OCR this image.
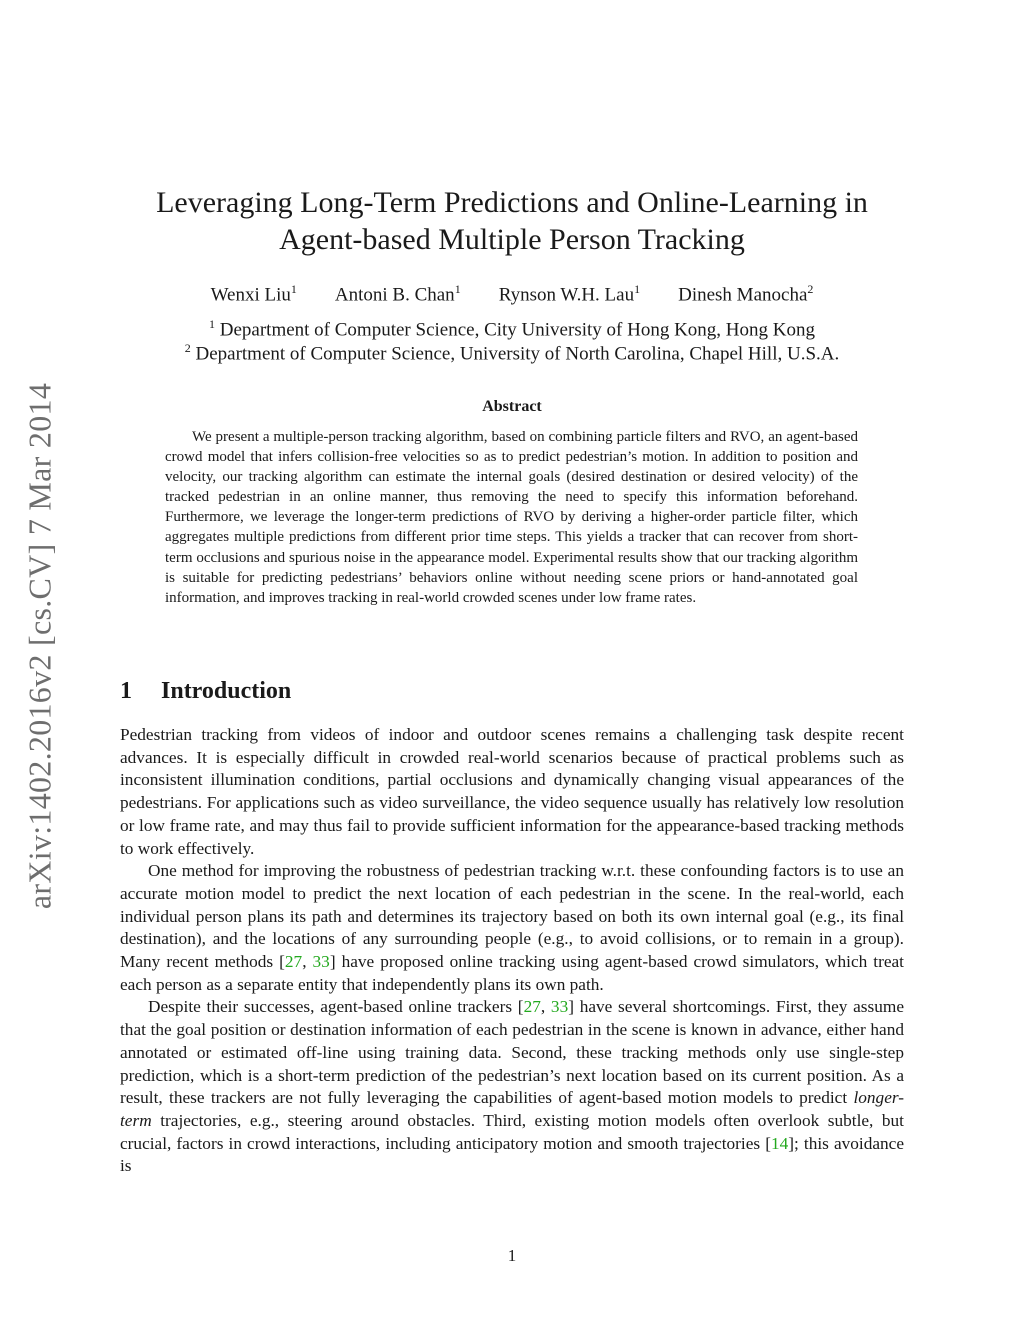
arXiv:1402.2016v2 [cs.CV] 7 Mar 2014
Leveraging Long-Term Predictions and Online-Learning in Agent-based Multiple Person Tracking
Wenxi Liu$^1$ Antoni B. Chan$^1$ Rynson W.H. Lau$^1$ Dinesh Manocha$^2$
$^1$ Department of Computer Science, City University of Hong Kong, Hong Kong
$^2$ Department of Computer Science, University of North Carolina, Chapel Hill, U.S.A.
Abstract

We present a multiple-person tracking algorithm, based on combining particle filters and RVO, an agent-based crowd model that infers collision-free velocities so as to predict pedestrian’s motion. In addition to position and velocity, our tracking algorithm can estimate the internal goals (desired destination or desired velocity) of the tracked pedestrian in an online manner, thus removing the need to specify this information beforehand. Furthermore, we leverage the longer-term predictions of RVO by deriving a higher-order particle filter, which aggregates multiple predictions from different prior time steps. This yields a tracker that can recover from short-term occlusions and spurious noise in the appearance model. Experimental results show that our tracking algorithm is suitable for predicting pedestrians’ behaviors online without needing scene priors or hand-annotated goal information, and improves tracking in real-world crowded scenes under low frame rates.

1 Introduction

Pedestrian tracking from videos of indoor and outdoor scenes remains a challenging task despite recent advances. It is especially difficult in crowded real-world scenarios because of practical problems such as inconsistent illumination conditions, partial occlusions and dynamically changing visual appearances of the pedestrians. For applications such as video surveillance, the video sequence usually has relatively low resolution or low frame rate, and may thus fail to provide sufficient information for the appearance-based tracking methods to work effectively.

One method for improving the robustness of pedestrian tracking w.r.t. these confounding factors is to use an accurate motion model to predict the next location of each pedestrian in the scene. In the real-world, each individual person plans its path and determines its trajectory based on both its own internal goal (e.g., its final destination), and the locations of any surrounding people (e.g., to avoid collisions, or to remain in a group). Many recent methods [27, 33] have proposed online tracking using agent-based crowd simulators, which treat each person as a separate entity that independently plans its own path.

Despite their successes, agent-based online trackers [27, 33] have several shortcomings. First, they assume that the goal position or destination information of each pedestrian in the scene is known in advance, either hand annotated or estimated off-line using training data. Second, these tracking methods only use single-step prediction, which is a short-term prediction of the pedestrian’s next location based on its current position. As a result, these trackers are not fully leveraging the capabilities of agent-based motion models to predict longer-term trajectories, e.g., steering around obstacles. Third, existing motion models often overlook subtle, but crucial, factors in crowd interactions, including anticipatory motion and smooth trajectories [14]; this avoidance is

1
